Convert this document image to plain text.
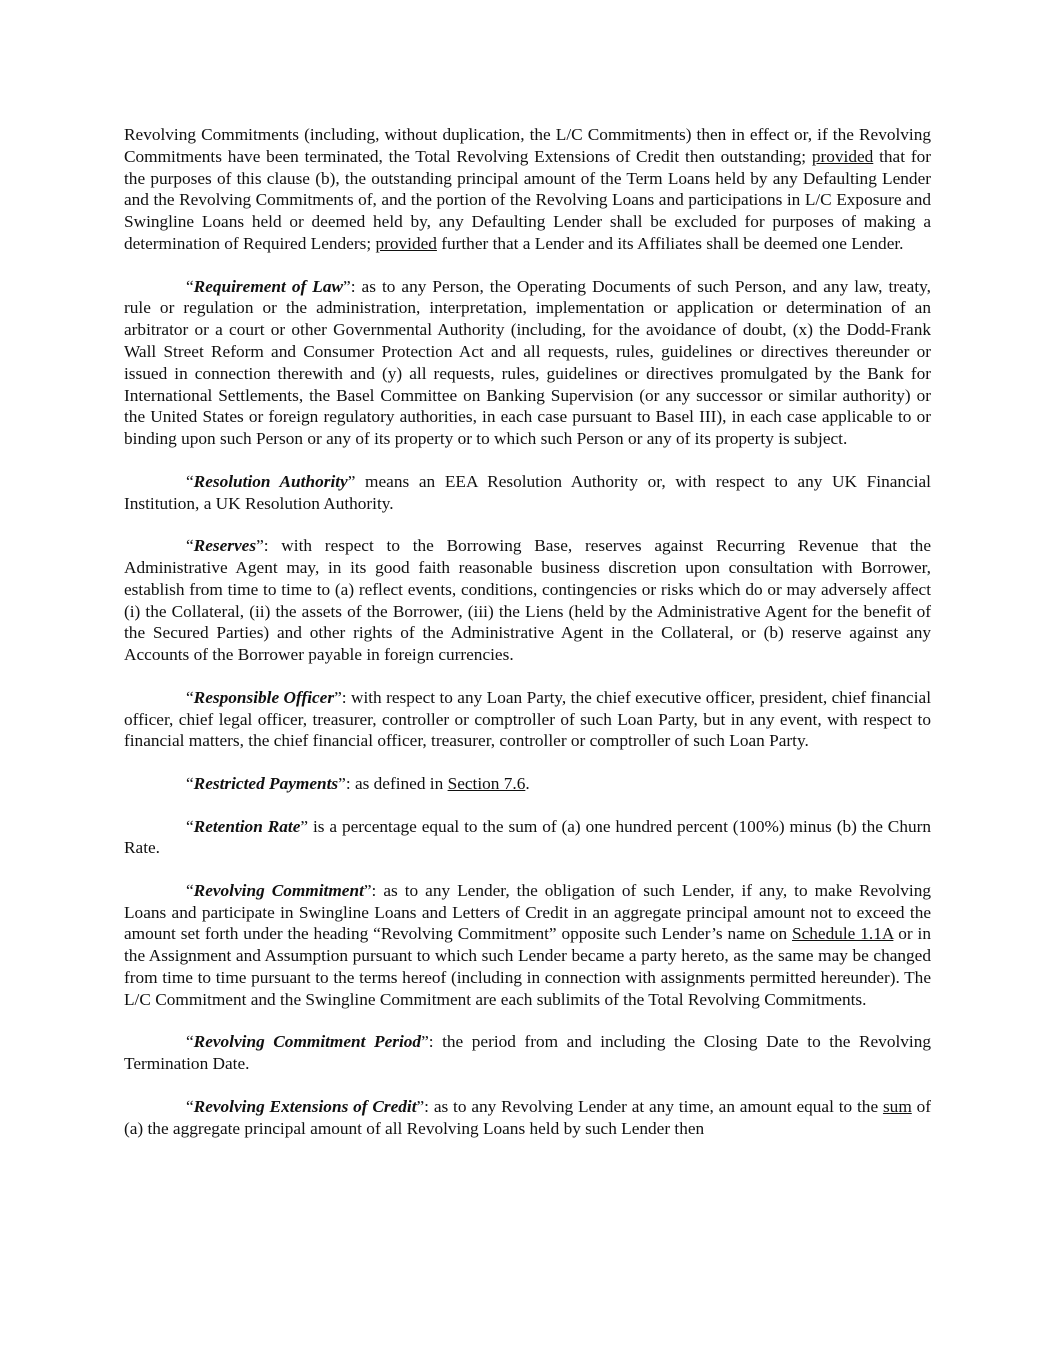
Revolving Commitments (including, without duplication, the L/C Commitments) then in effect or, if the Revolving Commitments have been terminated, the Total Revolving Extensions of Credit then outstanding; provided that for the purposes of this clause (b), the outstanding principal amount of the Term Loans held by any Defaulting Lender and the Revolving Commitments of, and the portion of the Revolving Loans and participations in L/C Exposure and Swingline Loans held or deemed held by, any Defaulting Lender shall be excluded for purposes of making a determination of Required Lenders; provided further that a Lender and its Affiliates shall be deemed one Lender.

“Requirement of Law”: as to any Person, the Operating Documents of such Person, and any law, treaty, rule or regulation or the administration, interpretation, implementation or application or determination of an arbitrator or a court or other Governmental Authority (including, for the avoidance of doubt, (x) the Dodd-Frank Wall Street Reform and Consumer Protection Act and all requests, rules, guidelines or directives thereunder or issued in connection therewith and (y) all requests, rules, guidelines or directives promulgated by the Bank for International Settlements, the Basel Committee on Banking Supervision (or any successor or similar authority) or the United States or foreign regulatory authorities, in each case pursuant to Basel III), in each case applicable to or binding upon such Person or any of its property or to which such Person or any of its property is subject.

“Resolution Authority” means an EEA Resolution Authority or, with respect to any UK Financial Institution, a UK Resolution Authority.

“Reserves”: with respect to the Borrowing Base, reserves against Recurring Revenue that the Administrative Agent may, in its good faith reasonable business discretion upon consultation with Borrower, establish from time to time to (a) reflect events, conditions, contingencies or risks which do or may adversely affect (i) the Collateral, (ii) the assets of the Borrower, (iii) the Liens (held by the Administrative Agent for the benefit of the Secured Parties) and other rights of the Administrative Agent in the Collateral, or (b) reserve against any Accounts of the Borrower payable in foreign currencies.

“Responsible Officer”: with respect to any Loan Party, the chief executive officer, president, chief financial officer, chief legal officer, treasurer, controller or comptroller of such Loan Party, but in any event, with respect to financial matters, the chief financial officer, treasurer, controller or comptroller of such Loan Party.

“Restricted Payments”: as defined in Section 7.6.

“Retention Rate” is a percentage equal to the sum of (a) one hundred percent (100%) minus (b) the Churn Rate.

“Revolving Commitment”: as to any Lender, the obligation of such Lender, if any, to make Revolving Loans and participate in Swingline Loans and Letters of Credit in an aggregate principal amount not to exceed the amount set forth under the heading “Revolving Commitment” opposite such Lender’s name on Schedule 1.1A or in the Assignment and Assumption pursuant to which such Lender became a party hereto, as the same may be changed from time to time pursuant to the terms hereof (including in connection with assignments permitted hereunder). The L/C Commitment and the Swingline Commitment are each sublimits of the Total Revolving Commitments.

“Revolving Commitment Period”: the period from and including the Closing Date to the Revolving Termination Date.

“Revolving Extensions of Credit”: as to any Revolving Lender at any time, an amount equal to the sum of (a) the aggregate principal amount of all Revolving Loans held by such Lender then
